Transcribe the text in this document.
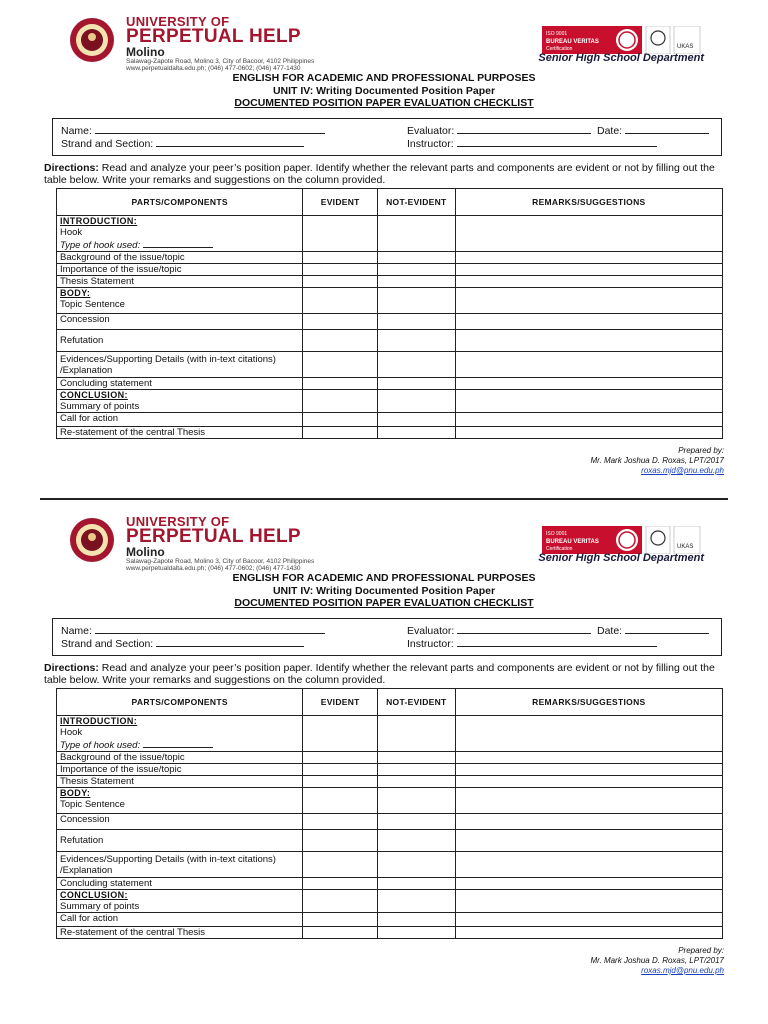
UNIVERSITY OF
PERPETUAL HELP
Molino
Salawag-Zapote Road, Molino 3, City of Bacoor, 4102 Philippines
www.perpetualdalta.edu.ph; (046) 477-0602; (046) 477-1430
ISO 9001
BUREAU VERITAS
Certification	UKAS
Senior High School Department
ENGLISH FOR ACADEMIC AND PROFESSIONAL PURPOSES
UNIT IV: Writing Documented Position Paper
DOCUMENTED POSITION PAPER EVALUATION CHECKLIST
Name:
Strand and Section:
Evaluator:	Date:
Instructor:
Directions: Read and analyze your peer’s position paper. Identify whether the relevant parts and components are evident or not by filling out the table below. Write your remarks and suggestions on the column provided.
PARTS/COMPONENTS	EVIDENT	NOT-EVIDENT	REMARKS/SUGGESTIONS

INTRODUCTION:
Hook
Type of hook used:			

Background of the issue/topic			
Importance of the issue/topic			
Thesis Statement			

BODY:
Topic Sentence			

Concession			
Refutation			
Evidences/Supporting Details (with in-text citations) /Explanation			
Concluding statement			

CONCLUSION:
Summary of points			

Call for action			
Re-statement of the central Thesis			
Prepared by:
Mr. Mark Joshua D. Roxas, LPT/2017
roxas.mjd@pnu.edu.ph
UNIVERSITY OF
PERPETUAL HELP
Molino
Salawag-Zapote Road, Molino 3, City of Bacoor, 4102 Philippines
www.perpetualdalta.edu.ph; (046) 477-0602; (046) 477-1430
ISO 9001
BUREAU VERITAS
Certification	UKAS
Senior High School Department
ENGLISH FOR ACADEMIC AND PROFESSIONAL PURPOSES
UNIT IV: Writing Documented Position Paper
DOCUMENTED POSITION PAPER EVALUATION CHECKLIST
Name:
Strand and Section:
Evaluator:	Date:
Instructor:
Directions: Read and analyze your peer’s position paper. Identify whether the relevant parts and components are evident or not by filling out the table below. Write your remarks and suggestions on the column provided.
PARTS/COMPONENTS	EVIDENT	NOT-EVIDENT	REMARKS/SUGGESTIONS

INTRODUCTION:
Hook
Type of hook used:			

Background of the issue/topic			
Importance of the issue/topic			
Thesis Statement			

BODY:
Topic Sentence			

Concession			
Refutation			
Evidences/Supporting Details (with in-text citations) /Explanation			
Concluding statement			

CONCLUSION:
Summary of points			

Call for action			
Re-statement of the central Thesis			
Prepared by:
Mr. Mark Joshua D. Roxas, LPT/2017
roxas.mjd@pnu.edu.ph
